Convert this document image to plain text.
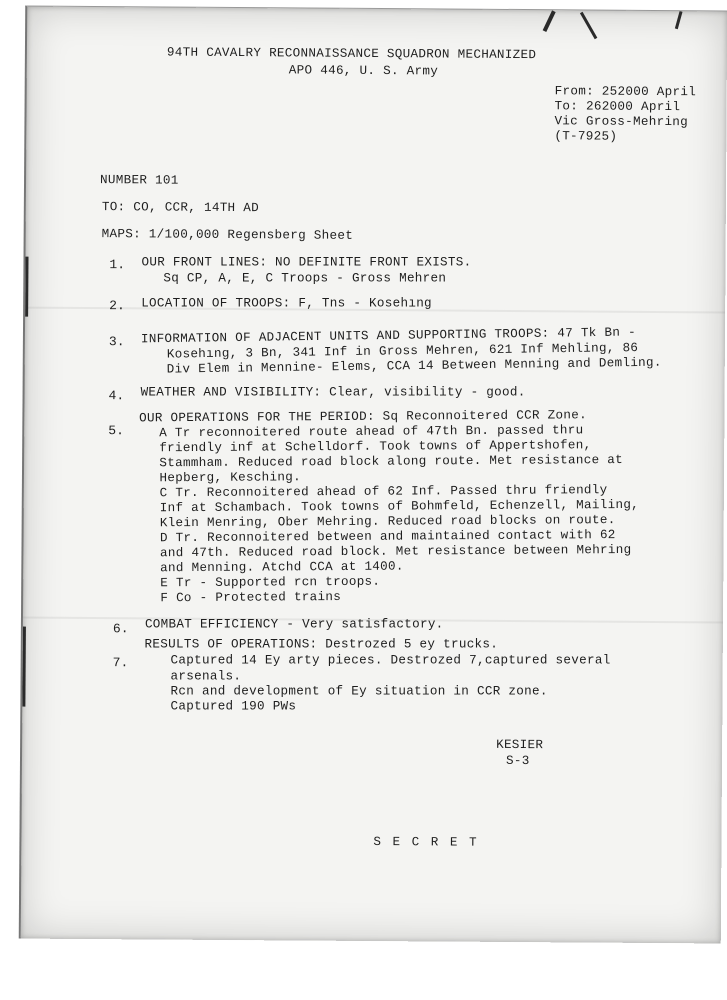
94TH CAVALRY RECONNAISSANCE SQUADRON MECHANIZED
APO 446, U. S. Army
From: 252000 April
To: 262000 April
Vic Gross-Mehring
(T-7925)
NUMBER 101
TO: CO, CCR, 14TH AD
MAPS: 1/100,000 Regensberg Sheet
1. OUR FRONT LINES: NO DEFINITE FRONT EXISTS.
Sq CP, A, E, C Troops - Gross Mehren
2. LOCATION OF TROOPS: F, Tns - Kosehıng
3. INFORMATION OF ADJACENT UNITS AND SUPPORTING TROOPS: 47 Tk Bn -
Kosehıng, 3 Bn, 341 Inf in Gross Mehren, 621 Inf Mehling, 86
Div Elem in Mennine- Elems, CCA 14 Between Menning and Demling.
4. WEATHER AND VISIBILITY: Clear, visibility - good.
5.
OUR OPERATIONS FOR THE PERIOD: Sq Reconnoitered CCR Zone.
A Tr reconnoitered route ahead of 47th Bn. passed thru
friendly inf at Schelldorf. Took towns of Appertshofen,
Stammham. Reduced road block along route. Met resistance at
Hepberg, Kesching.
C Tr. Reconnoitered ahead of 62 Inf. Passed thru friendly
Inf at Schambach. Took towns of Bohmfeld, Echenzell, Mailing,
Klein Menring, Ober Mehring. Reduced road blocks on route.
D Tr. Reconnoitered between and maintained contact with 62
and 47th. Reduced road block. Met resistance between Mehring
and Menning. Atchd CCA at 1400.
E Tr - Supported rcn troops.
F Co - Protected trains
6. COMBAT EFFICIENCY - Very satisfactory.
7.
RESULTS OF OPERATIONS: Destrozed 5 ey trucks.
Captured 14 Ey arty pieces. Destrozed 7,captured several
arsenals.
Rcn and development of Ey situation in CCR zone.
Captured 190 PWs
KESIER
S-3
S E C R E T
